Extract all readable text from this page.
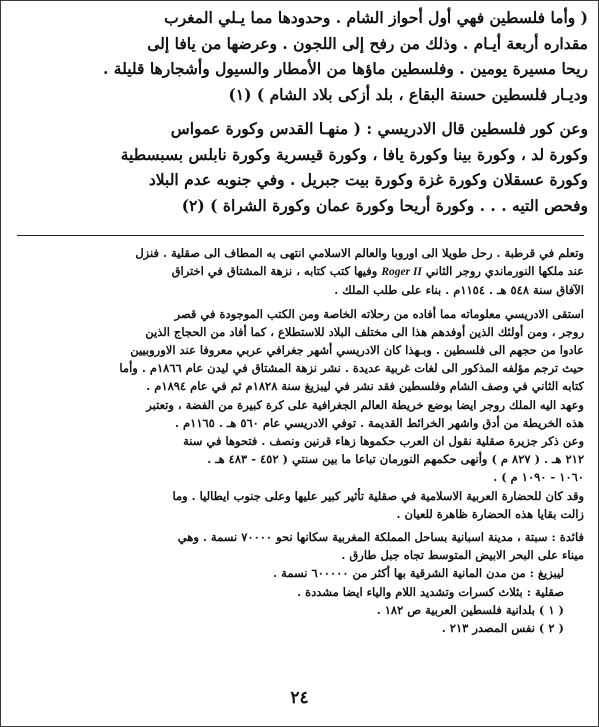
( وأما فلسطين فهي أول أحواز الشام . وحدودها مما يـلي المغرب

مقداره أربعة أيـام . وذلك من رفح إلى اللجون . وعرضها من يافا إلى

ريحا مسيرة يومين . وفلسطين ماؤها من الأمطار والسيول وأشجارها قليلة .

وديـار فلسطين حسنة البقاع ، بلد أزكى بلاد الشام ) (١)

وعن كور فلسطين قال الادريسي : ( منهـا القدس وكورة عمواس

وكورة لد ، وكورة بينا وكورة يافا ، وكورة قيسرية وكورة نابلس بسبسطية

وكورة عسقلان وكورة غزة وكورة بيت جبريل . وفي جنوبه عدم البلاد

وفحص التيه . . . وكورة أريحا وكورة عمان وكورة الشراة ) (٢)

وتعلم في قرطبة . رحل طويلا الى اوروبا والعالم الاسلامي انتهى به المطاف الى صقلية . فنزل

عند ملكها النورماندي روجر الثاني Roger II وفيها كتب كتابه ، نزهة المشتاق في اختراق

الآفاق سنة ٥٤٨ هـ . ١١٥٤م . بناء على طلب الملك .

استقى الادريسي معلوماته مما أفاده من رحلاته الخاصة ومن الكتب الموجودة في قصر

روجر ، ومن أولئك الذين أوفدهم هذا الى مختلف البلاد للاستطلاع ، كما أفاد من الحجاج الذين

عادوا من حجهم الى فلسطين . وبـهذا كان الادريسي أشهر جغرافي عربي معروفا عند الاوروبيين

حيث ترجم مؤلفه المذكور الى لغات غربية عديدة . نشر نزهة المشتاق في ليدن عام ١٨٦٦م . وأما

كتابه الثاني في وصف الشام وفلسطين فقد نشر في ليبزيغ سنة ١٨٢٨م ثم في عام ١٨٩٤م .

وعهد اليه الملك روجر ايضا بوضع خريطة العالم الجغرافية على كرة كبيرة من الفضة ، وتعتبر

هذه الخريطة من أدق واشهر الخرائط القديمة . توفي الادريسي عام ٥٦٠ هـ . ١١٦٥م .

وعن ذكر جزيرة صقلية نقول ان العرب حكموها زهاء قرنين ونصف . فتحوها في سنة

٢١٢ هـ . ( ٨٢٧ م ) وأنهى حكمهم النورمان تباعا ما بين سنتي ( ٤٥٢ - ٤٨٣ هـ .

١٠٦٠ - ١٠٩٠ م ) .

وقد كان للحضارة العربية الاسلامية في صقلية تأثير كبير عليها وعلى جنوب ايطاليا . وما

زالت بقايا هذه الحضارة ظاهرة للعيان .

فائدة : سبتة ، مدينة اسبانية بساحل المملكة المغربية سكانها نحو ٧٠٠٠٠ نسمة . وهي

ميناء على البحر الابيض المتوسط تجاه جبل طارق .

ليبزيغ : من مدن المانية الشرقية بها أكثر من ٦٠٠٠٠٠ نسمة .

صقلية : بثلاث كسرات وتشديد اللام والياء ايضا مشددة .

( ١ ) بلدانية فلسطين العربية ص ١٨٢ .

( ٢ ) نفس المصدر ٢١٣ .

٢٤
